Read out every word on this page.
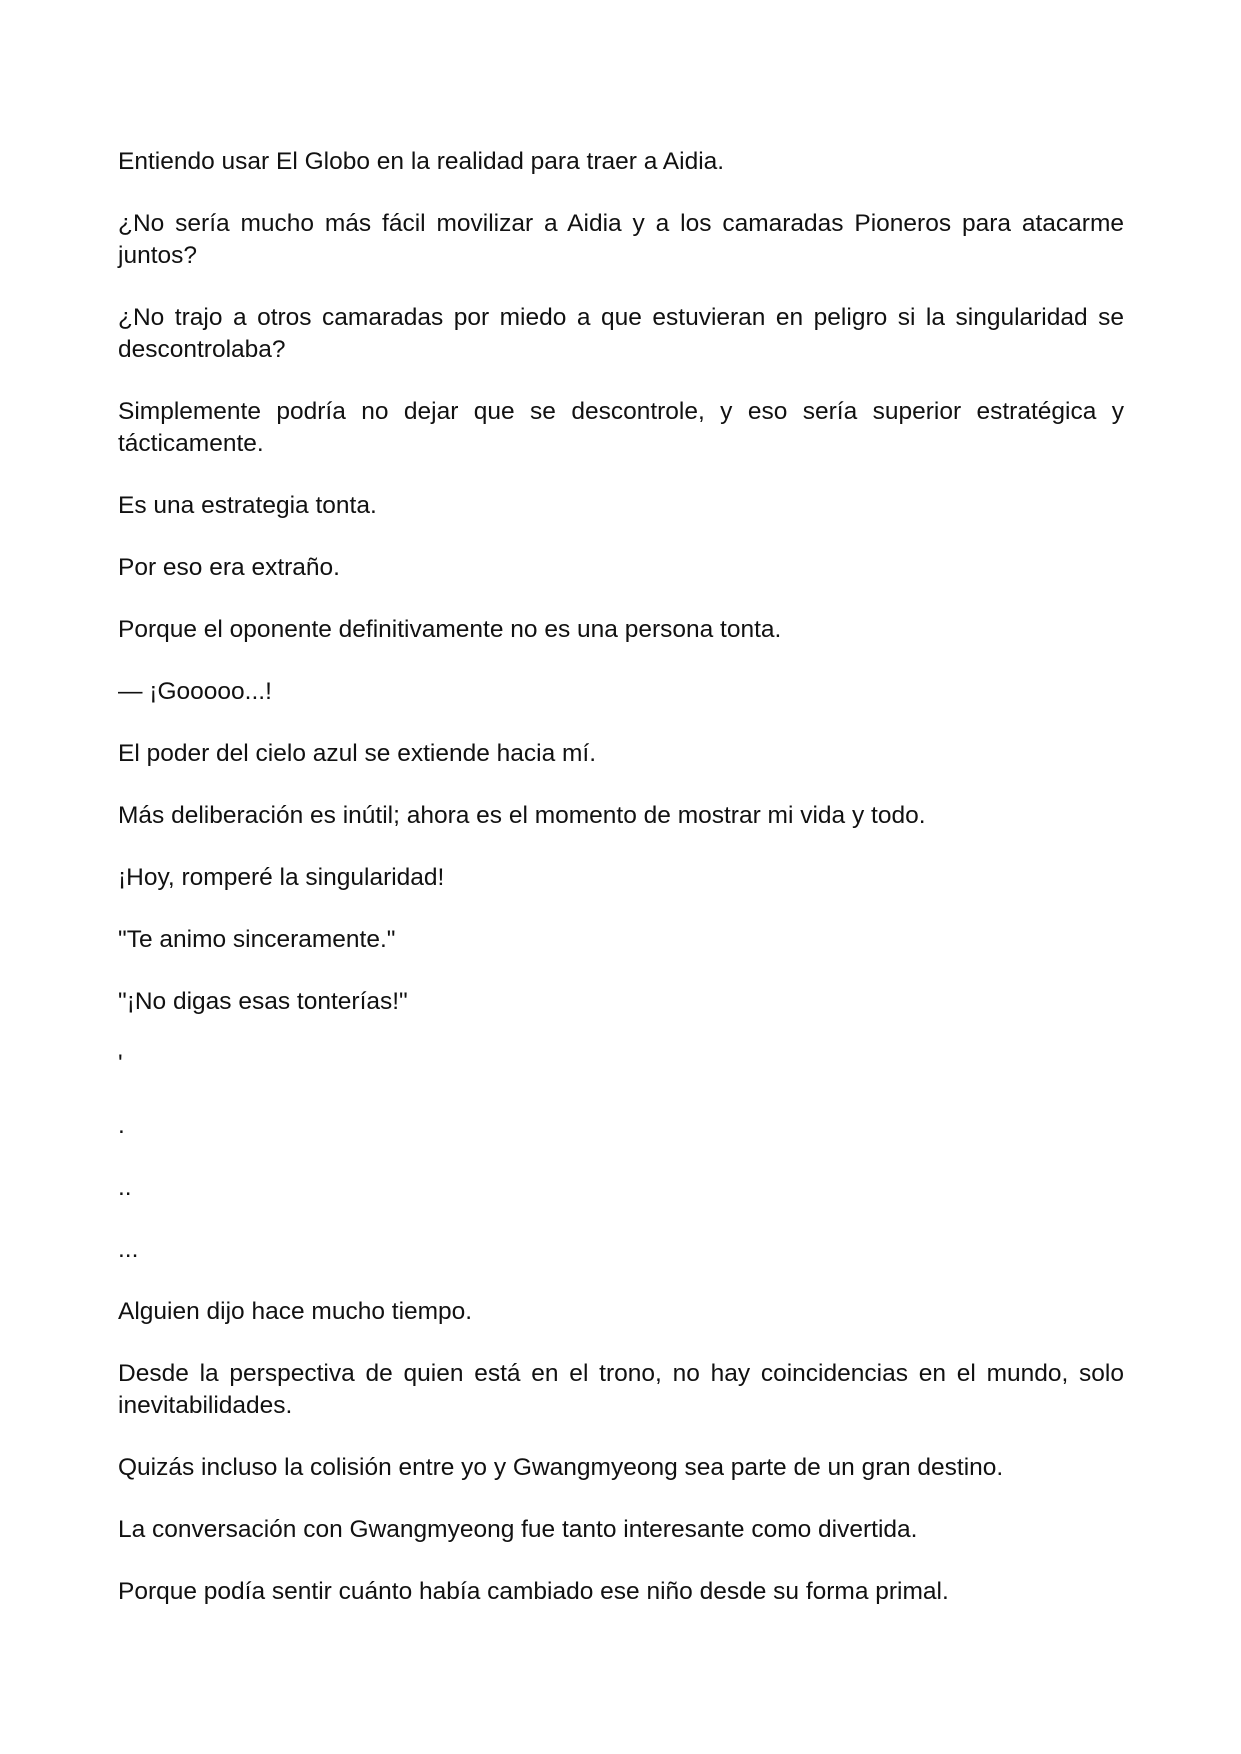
Entiendo usar El Globo en la realidad para traer a Aidia.

¿No sería mucho más fácil movilizar a Aidia y a los camaradas Pioneros para atacarme juntos?

¿No trajo a otros camaradas por miedo a que estuvieran en peligro si la singularidad se descontrolaba?

Simplemente podría no dejar que se descontrole, y eso sería superior estratégica y tácticamente.

Es una estrategia tonta.

Por eso era extraño.

Porque el oponente definitivamente no es una persona tonta.

— ¡Gooooo...!

El poder del cielo azul se extiende hacia mí.

Más deliberación es inútil; ahora es el momento de mostrar mi vida y todo.

¡Hoy, romperé la singularidad!

"Te animo sinceramente."

"¡No digas esas tonterías!"

'

.

..

...

Alguien dijo hace mucho tiempo.

Desde la perspectiva de quien está en el trono, no hay coincidencias en el mundo, solo inevitabilidades.

Quizás incluso la colisión entre yo y Gwangmyeong sea parte de un gran destino.

La conversación con Gwangmyeong fue tanto interesante como divertida.

Porque podía sentir cuánto había cambiado ese niño desde su forma primal.
